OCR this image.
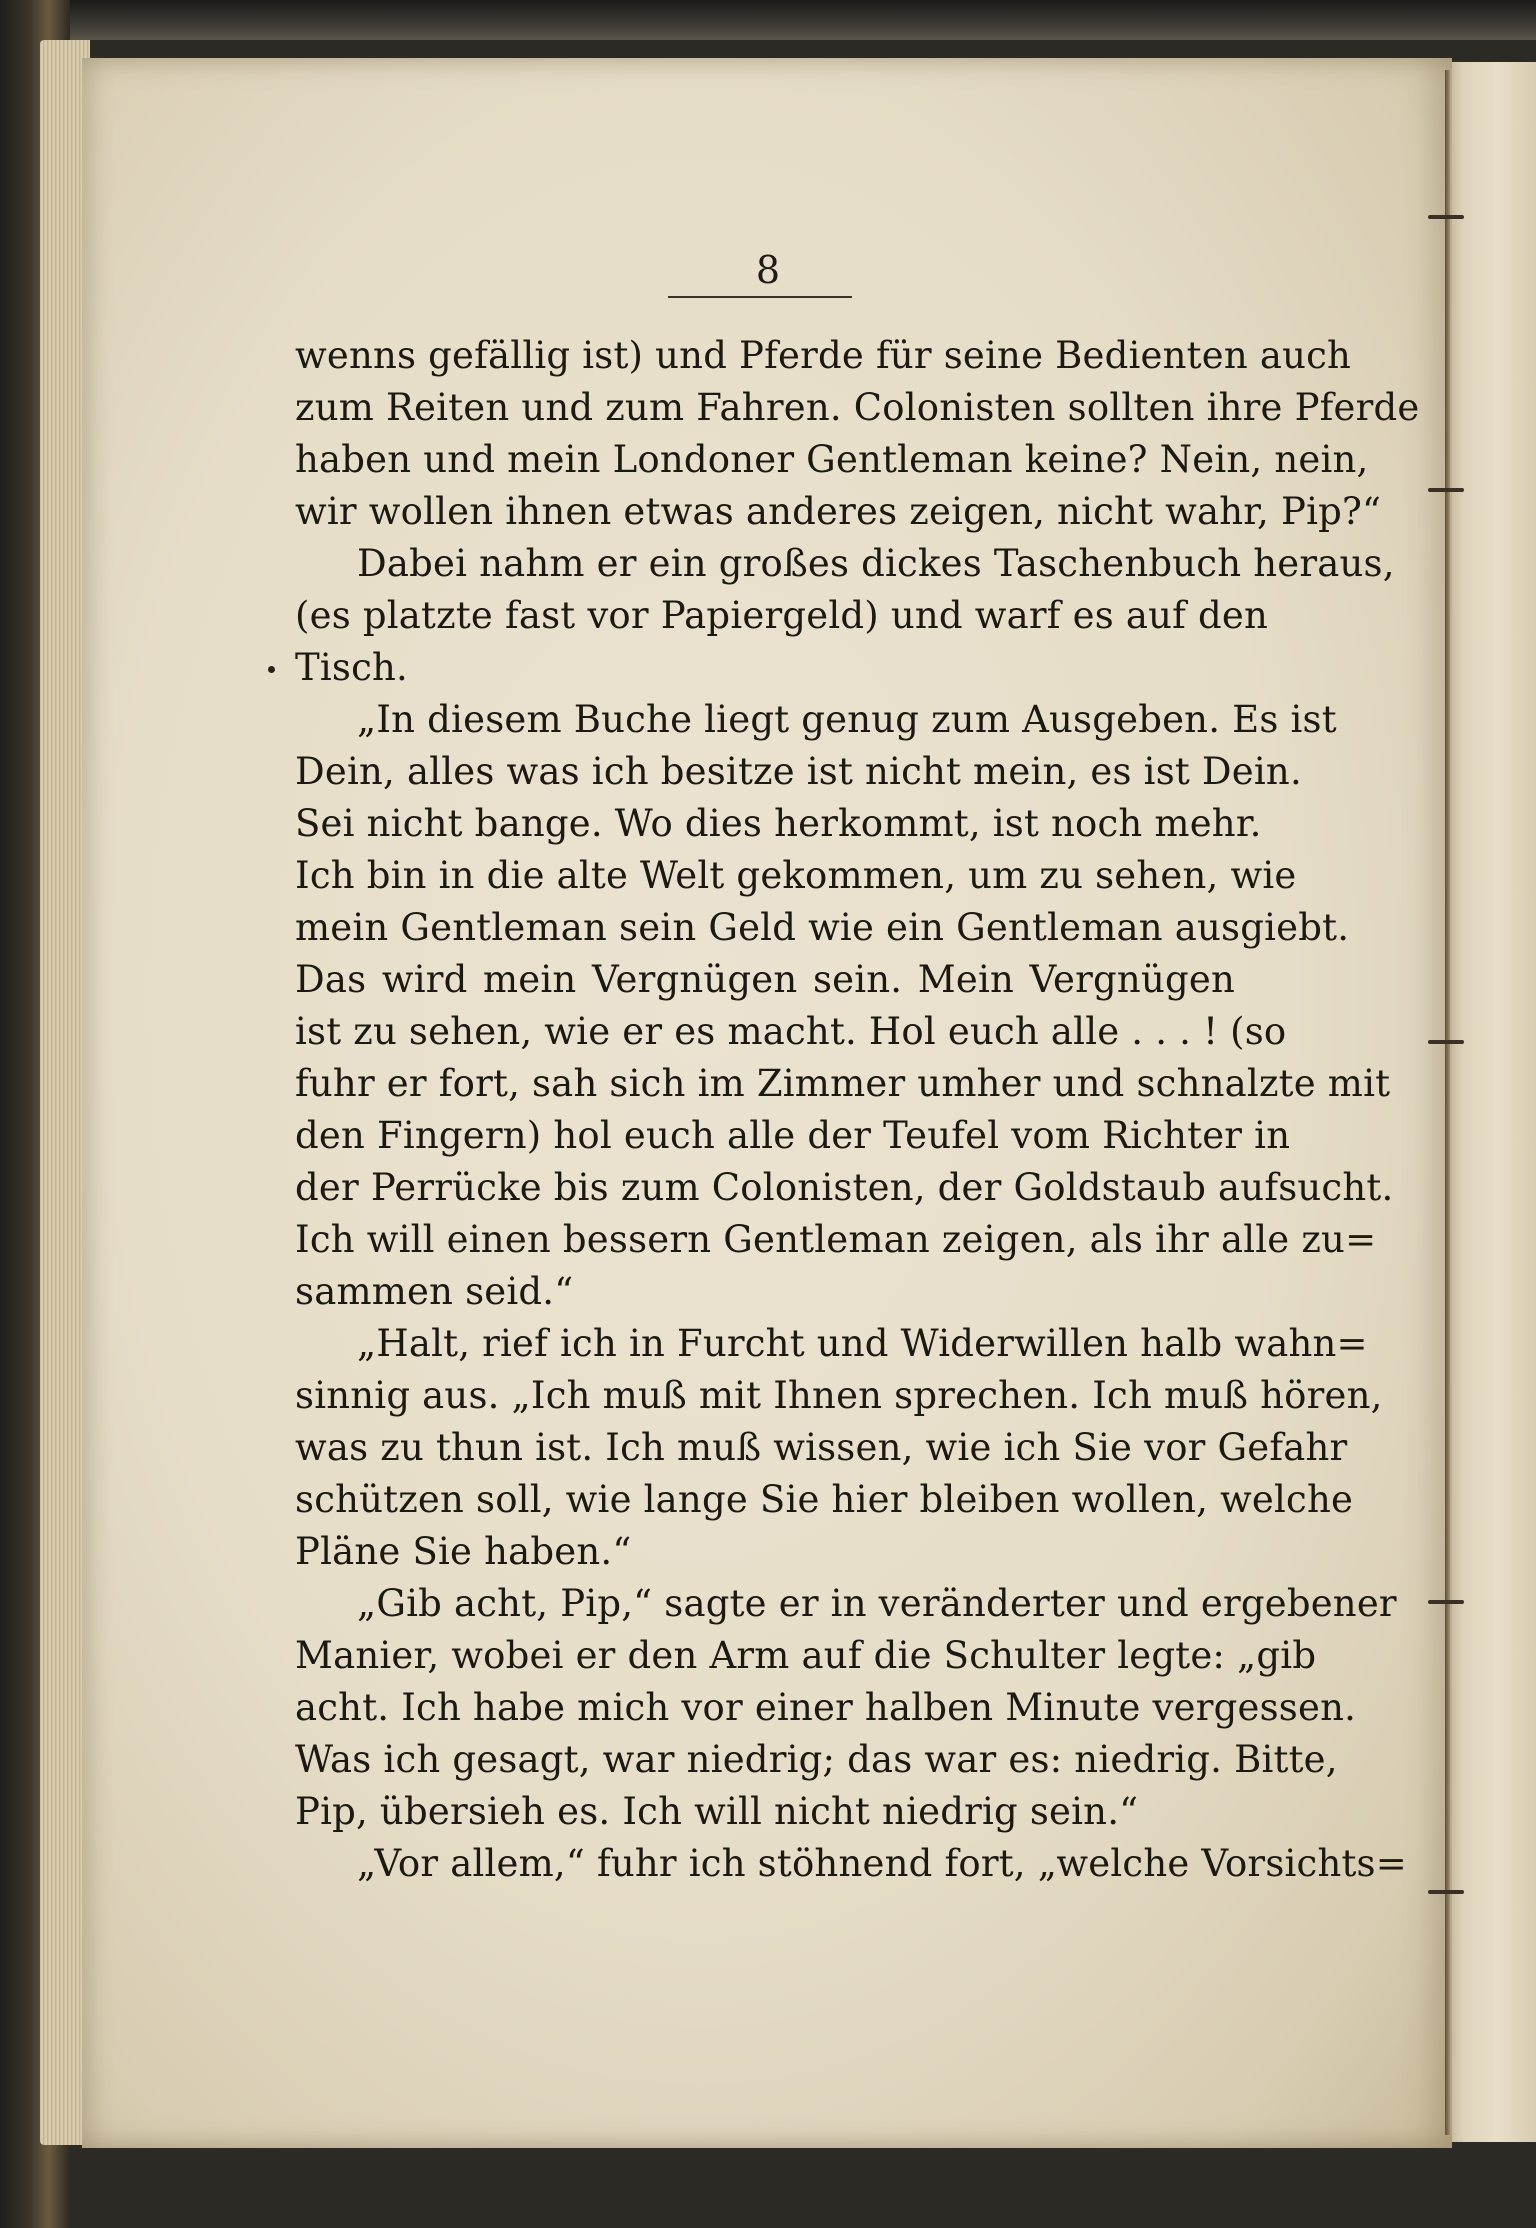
8
wenns gefällig ist) und Pferde für seine Bedienten auch
zum Reiten und zum Fahren. Colonisten sollten ihre Pferde
haben und mein Londoner Gentleman keine? Nein, nein,
wir wollen ihnen etwas anderes zeigen, nicht wahr, Pip?“
Dabei nahm er ein großes dickes Taschenbuch heraus,
(es platzte fast vor Papiergeld) und warf es auf den
Tisch.
„In diesem Buche liegt genug zum Ausgeben. Es ist
Dein, alles was ich besitze ist nicht mein, es ist Dein.
Sei nicht bange. Wo dies herkommt, ist noch mehr.
Ich bin in die alte Welt gekommen, um zu sehen, wie
mein Gentleman sein Geld wie ein Gentleman ausgiebt.
Das wird mein Vergnügen sein. Mein Vergnügen
ist zu sehen, wie er es macht. Hol euch alle . . . ! (so
fuhr er fort, sah sich im Zimmer umher und schnalzte mit
den Fingern) hol euch alle der Teufel vom Richter in
der Perrücke bis zum Colonisten, der Goldstaub aufsucht.
Ich will einen bessern Gentleman zeigen, als ihr alle zu=
sammen seid.“
„Halt, rief ich in Furcht und Widerwillen halb wahn=
sinnig aus. „Ich muß mit Ihnen sprechen. Ich muß hören,
was zu thun ist. Ich muß wissen, wie ich Sie vor Gefahr
schützen soll, wie lange Sie hier bleiben wollen, welche
Pläne Sie haben.“
„Gib acht, Pip,“ sagte er in veränderter und ergebener
Manier, wobei er den Arm auf die Schulter legte: „gib
acht. Ich habe mich vor einer halben Minute vergessen.
Was ich gesagt, war niedrig; das war es: niedrig. Bitte,
Pip, übersieh es. Ich will nicht niedrig sein.“
„Vor allem,“ fuhr ich stöhnend fort, „welche Vorsichts=
